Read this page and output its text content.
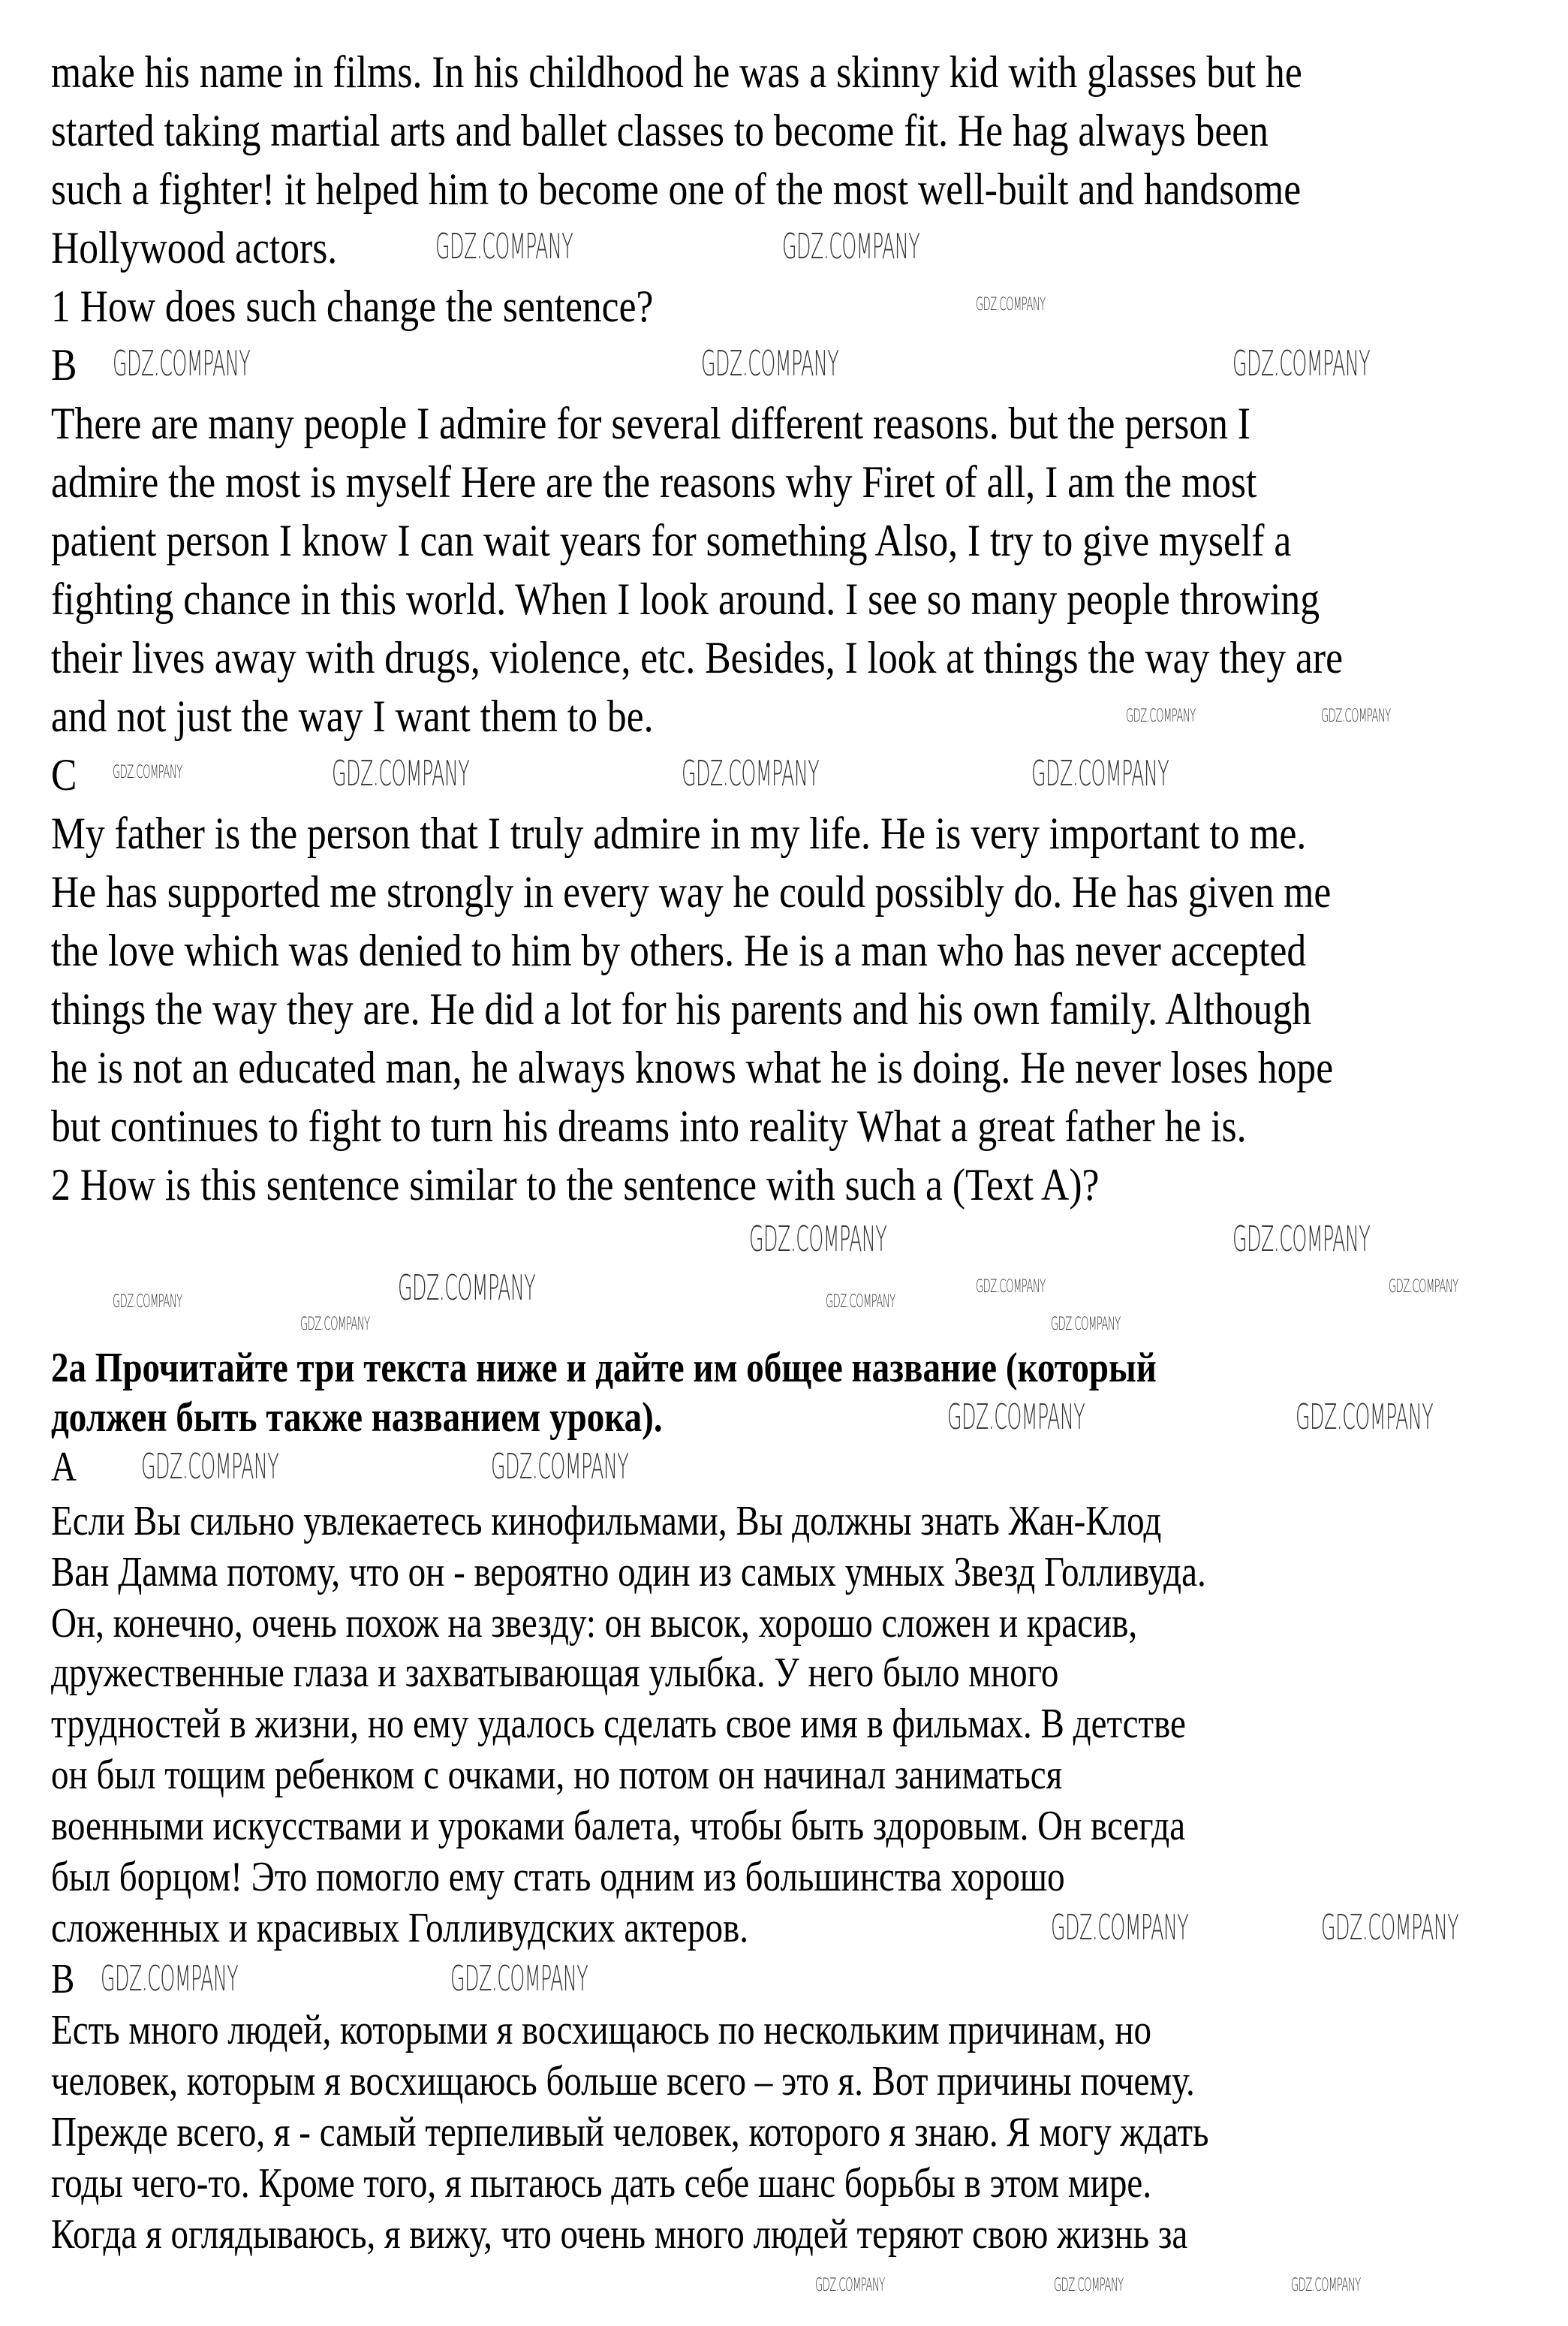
make his name in films. In his childhood he was a skinny kid with glasses but he
started taking martial arts and ballet classes to become fit. He hag always been
such a fighter! it helped him to become one of the most well-built and handsome
Hollywood actors.
1 How does such change the sentence?
B
There are many people I admire for several different reasons. but the person I
admire the most is myself Here are the reasons why Firet of all, I am the most
patient person I know I can wait years for something Also, I try to give myself a
fighting chance in this world. When I look around. I see so many people throwing
their lives away with drugs, violence, etc. Besides, I look at things the way they are
and not just the way I want them to be.
C
My father is the person that I truly admire in my life. He is very important to me.
He has supported me strongly in every way he could possibly do. He has given me
the love which was denied to him by others. He is a man who has never accepted
things the way they are. He did a lot for his parents and his own family. Although
he is not an educated man, he always knows what he is doing. He never loses hope
but continues to fight to turn his dreams into reality What a great father he is.
2 How is this sentence similar to the sentence with such a (Text A)?
2a Прочитайте три текста ниже и дайте им общее название (который
должен быть также названием урока).
A
Если Вы сильно увлекаетесь кинофильмами, Вы должны знать Жан-Клод
Ван Дамма потому, что он - вероятно один из самых умных Звезд Голливуда.
Он, конечно, очень похож на звезду: он высок, хорошо сложен и красив,
дружественные глаза и захватывающая улыбка. У него было много
трудностей в жизни, но ему удалось сделать свое имя в фильмах. В детстве
он был тощим ребенком с очками, но потом он начинал заниматься
военными искусствами и уроками балета, чтобы быть здоровым. Он всегда
был борцом! Это помогло ему стать одним из большинства хорошо
сложенных и красивых Голливудских актеров.
B
Есть много людей, которыми я восхищаюсь по нескольким причинам, но
человек, которым я восхищаюсь больше всего – это я. Вот причины почему.
Прежде всего, я - самый терпеливый человек, которого я знаю. Я могу ждать
годы чего-то. Кроме того, я пытаюсь дать себе шанс борьбы в этом мире.
Когда я оглядываюсь, я вижу, что очень много людей теряют свою жизнь за
GDZ.COMPANY	GDZ.COMPANY
GDZ.COMPANY	GDZ.COMPANY	GDZ.COMPANY
GDZ.COMPANY	GDZ.COMPANY	GDZ.COMPANY
GDZ.COMPANY	GDZ.COMPANY
GDZ.COMPANY
GDZ.COMPANY	GDZ.COMPANY
GDZ.COMPANY
GDZ.COMPANY
GDZ.COMPANY	GDZ.COMPANY
GDZ.COMPANY	GDZ.COMPANY
GDZ.COMPANY
GDZ.COMPANY
GDZ.COMPANY
GDZ.COMPANY
GDZ.COMPANY	GDZ.COMPANY
GDZ.COMPANY
GDZ.COMPANY
GDZ.COMPANY
GDZ.COMPANY
GDZ.COMPANY	GDZ.COMPANY	GDZ.COMPANY
